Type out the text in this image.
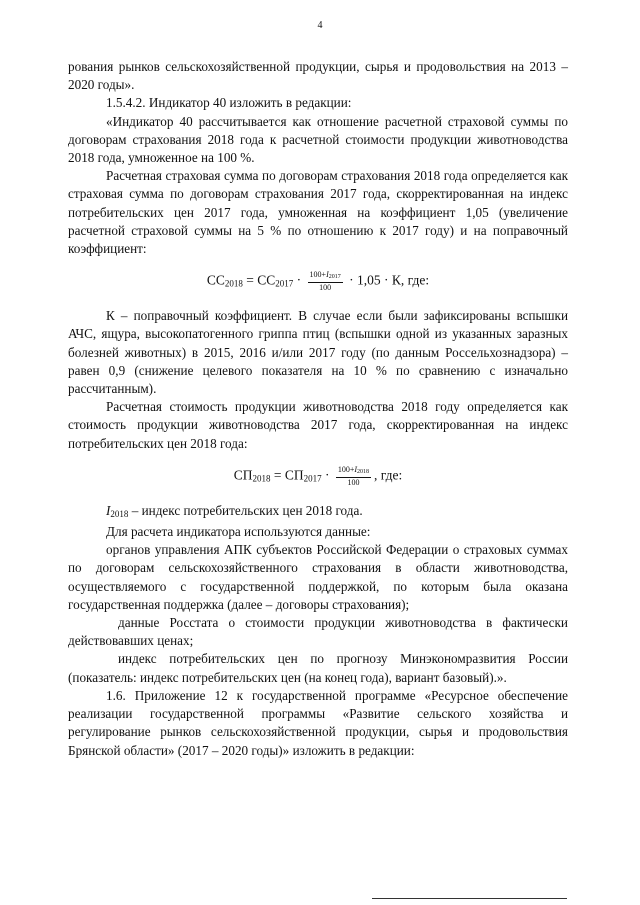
4

рования рынков сельскохозяйственной продукции, сырья и продовольствия на 2013 – 2020 годы».

1.5.4.2. Индикатор 40 изложить в редакции:

«Индикатор 40 рассчитывается как отношение расчетной страховой суммы по договорам страхования 2018 года к расчетной стоимости продукции животноводства 2018 года, умноженное на 100 %.

Расчетная страховая сумма по договорам страхования 2018 года определяется как страховая сумма по договорам страхования 2017 года, скорректированная на индекс потребительских цен 2017 года, умноженная на коэффициент 1,05 (увеличение расчетной страховой суммы на 5 % по отношению к 2017 году) и на поправочный коэффициент:

$СС_{2018} = СС_{2017} \cdot \frac{100+I2017}{100} \cdot 1,05 \cdot К$, где:

К – поправочный коэффициент. В случае если были зафиксированы вспышки АЧС, ящура, высокопатогенного гриппа птиц (вспышки одной из указанных заразных болезней животных) в 2015, 2016 и/или 2017 году (по данным Россельхознадзора) – равен 0,9 (снижение целевого показателя на 10 % по сравнению с изначально рассчитанным).

Расчетная стоимость продукции животноводства 2018 году определяется как стоимость продукции животноводства 2017 года, скорректированная на индекс потребительских цен 2018 года:

$СП_{2018} = СП_{2017} \cdot \frac{100+I2018}{100}$ , где:

$I_{2018}$ – индекс потребительских цен 2018 года.

Для расчета индикатора используются данные:

органов управления АПК субъектов Российской Федерации о страховых суммах по договорам сельскохозяйственного страхования в области животноводства, осуществляемого с государственной поддержкой, по которым была оказана государственная поддержка (далее – договоры страхования);

данные Росстата о стоимости продукции животноводства в фактически действовавших ценах;

индекс потребительских цен по прогнозу Минэкономразвития России (показатель: индекс потребительских цен (на конец года), вариант базовый).».

1.6. Приложение 12 к государственной программе «Ресурсное обеспечение реализации государственной программы «Развитие сельского хозяйства и регулирование рынков сельскохозяйственной продукции, сырья и продовольствия Брянской области» (2017 – 2020 годы)» изложить в редакции:
